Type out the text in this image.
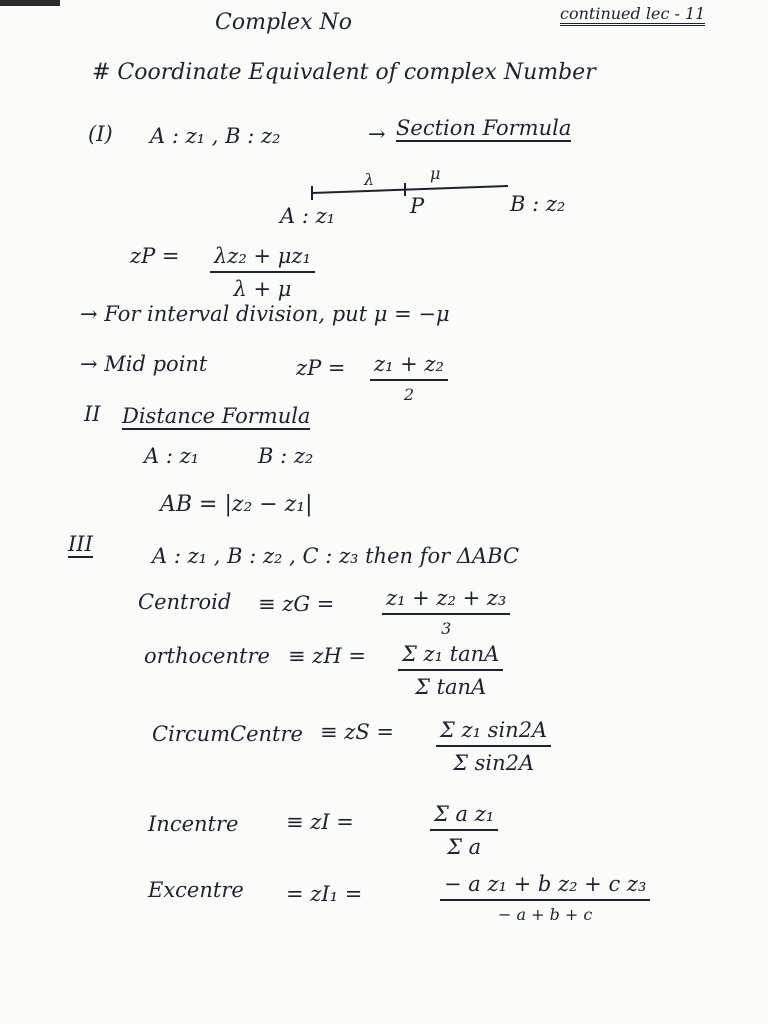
Complex No	continued lec - 11
# Coordinate Equivalent of complex Number
(I) A : z₁ , B : z₂	→ Section Formula
λ	μ
A : z₁	P	B : z₂
zP = $\frac{\text{λz₂ + μz₁}}{\lambda + \mu}$
→ For interval division, put μ = −μ
→ Mid point	zP = z₁ + z₂
2
II Distance Formula
A : z₁	B : z₂
AB = |z₂ − z₁|
III	A : z₁ , B : z₂ , C : z₃ then for ΔABC
Centroid ≡ zG = z₁ + z₂ + z₃
3
orthocentre ≡ zH = $\frac{\text{Σ z₁ tanA}}{\text{Σ tanA}}$
CircumCentre ≡ zS = $\frac{\text{Σ z₁ sin2A}}{\text{Σ sin2A}}$
Incentre ≡ zI =	$\frac{\text{Σ a z₁}}{\text{Σ a}}$
Excentre = zI₁ =	− a z₁ + b z₂ + c z₃
− a + b + c
